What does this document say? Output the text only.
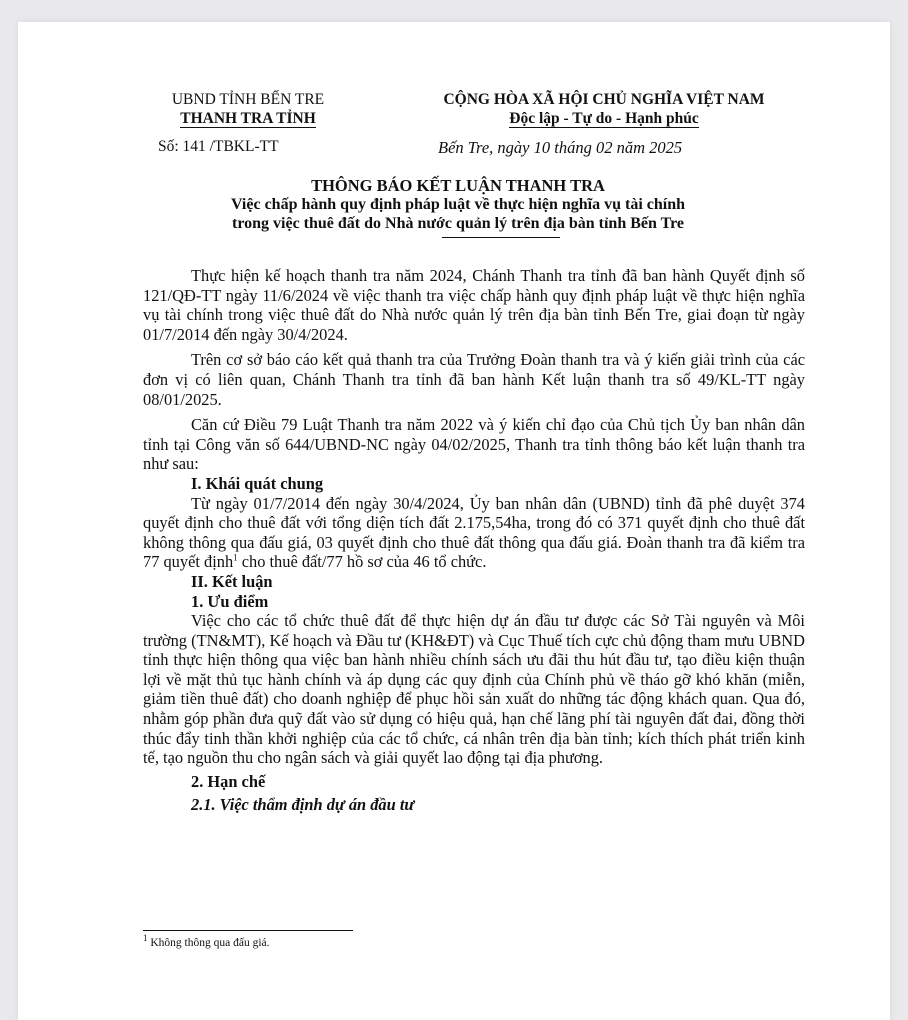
UBND TỈNH BẾN TRE
THANH TRA TỈNH
CỘNG HÒA XÃ HỘI CHỦ NGHĨA VIỆT NAM
Độc lập - Tự do - Hạnh phúc
Số: 141 /TBKL-TT	Bến Tre, ngày 10 tháng 02 năm 2025
THÔNG BÁO KẾT LUẬN THANH TRA
Việc chấp hành quy định pháp luật về thực hiện nghĩa vụ tài chính
trong việc thuê đất do Nhà nước quản lý trên địa bàn tỉnh Bến Tre

Thực hiện kế hoạch thanh tra năm 2024, Chánh Thanh tra tỉnh đã ban hành Quyết định số 121/QĐ-TT ngày 11/6/2024 về việc thanh tra việc chấp hành quy định pháp luật về thực hiện nghĩa vụ tài chính trong việc thuê đất do Nhà nước quản lý trên địa bàn tỉnh Bến Tre, giai đoạn từ ngày 01/7/2014 đến ngày 30/4/2024.

Trên cơ sở báo cáo kết quả thanh tra của Trưởng Đoàn thanh tra và ý kiến giải trình của các đơn vị có liên quan, Chánh Thanh tra tỉnh đã ban hành Kết luận thanh tra số 49/KL-TT ngày 08/01/2025.

Căn cứ Điều 79 Luật Thanh tra năm 2022 và ý kiến chỉ đạo của Chủ tịch Ủy ban nhân dân tỉnh tại Công văn số 644/UBND-NC ngày 04/02/2025, Thanh tra tỉnh thông báo kết luận thanh tra như sau:

I. Khái quát chung

Từ ngày 01/7/2014 đến ngày 30/4/2024, Ủy ban nhân dân (UBND) tỉnh đã phê duyệt 374 quyết định cho thuê đất với tổng diện tích đất 2.175,54ha, trong đó có 371 quyết định cho thuê đất không thông qua đấu giá, 03 quyết định cho thuê đất thông qua đấu giá. Đoàn thanh tra đã kiểm tra 77 quyết định$^1$ cho thuê đất/77 hồ sơ của 46 tổ chức.

II. Kết luận

1. Ưu điểm

Việc cho các tổ chức thuê đất để thực hiện dự án đầu tư được các Sở Tài nguyên và Môi trường (TN&MT), Kế hoạch và Đầu tư (KH&ĐT) và Cục Thuế tích cực chủ động tham mưu UBND tỉnh thực hiện thông qua việc ban hành nhiều chính sách ưu đãi thu hút đầu tư, tạo điều kiện thuận lợi về mặt thủ tục hành chính và áp dụng các quy định của Chính phủ về tháo gỡ khó khăn (miễn, giảm tiền thuê đất) cho doanh nghiệp để phục hồi sản xuất do những tác động khách quan. Qua đó, nhằm góp phần đưa quỹ đất vào sử dụng có hiệu quả, hạn chế lãng phí tài nguyên đất đai, đồng thời thúc đẩy tinh thần khởi nghiệp của các tổ chức, cá nhân trên địa bàn tỉnh; kích thích phát triển kinh tế, tạo nguồn thu cho ngân sách và giải quyết lao động tại địa phương.

2. Hạn chế

2.1. Việc thẩm định dự án đầu tư

$^1$ Không thông qua đấu giá.
